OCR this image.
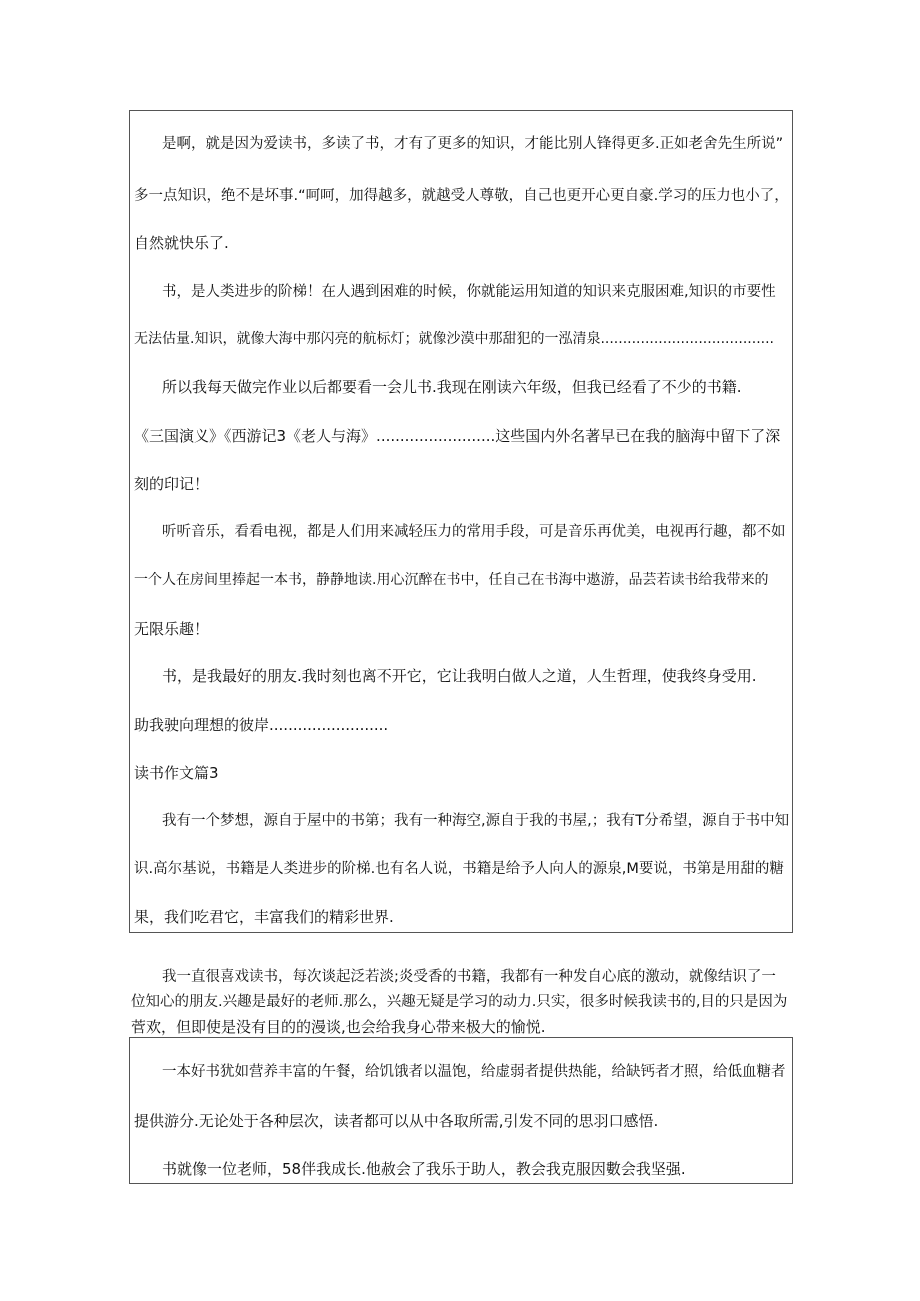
是啊，就是因为爱读书，多读了书，才有了更多的知识，才能比别人锋得更多.正如老舍先生所说”

多一点知识，绝不是坏事.“呵呵，加得越多，就越受人尊敬，自己也更开心更自豪.学习的压力也小了，

自然就快乐了.

书，是人类进步的阶梯！在人遇到困难的时候，你就能运用知道的知识来克服困难,知识的市要性

无法估量.知识，就像大海中那闪亮的航标灯；就像沙漠中那甜犯的一泓清泉.......................................

所以我每天做完作业以后都要看一会儿书.我现在刚读六年级，但我已经看了不少的书籍.

《三国演义》《西游记3《老人与海》.........................这些国内外名著早已在我的脑海中留下了深

刻的印记！

听听音乐，看看电视，都是人们用来减轻压力的常用手段，可是音乐再优美，电视再行趣，都不如

一个人在房间里捧起一本书，静静地读.用心沉醉在书中，任自己在书海中遨游，品芸若读书给我带来的

无限乐趣！

书，是我最好的朋友.我时刻也离不开它，它让我明白做人之道，人生哲理，使我终身受用.

助我驶向理想的彼岸.........................

读书作文篇3

我有一个梦想，源自于屋中的书第；我有一种海空,源自于我的书屋,；我有T分希望，源自于书中知

识.高尔基说，书籍是人类进步的阶梯.也有名人说，书籍是给予人向人的源泉,M要说，书第是用甜的糖

果，我们吃君它，丰富我们的精彩世界.

我一直很喜戏读书，每次谈起泛若淡;炎受香的书籍，我都有一种发自心底的激动，就像结识了一

位知心的朋友.兴趣是最好的老师.那么，兴趣无疑是学习的动力.只实，很多时候我读书的,目的只是因为

菅欢，但即使是没有目的的漫谈,也会给我身心带来极大的愉悦.

一本好书犹如营养丰富的午餐，给饥饿者以温饱，给虚弱者提供热能，给缺钙者才照，给低血糖者

提供游分.无论处于各种层次，读者都可以从中各取所需,引发不同的思羽口感悟.

书就像一位老师，58伴我成长.他赦会了我乐于助人，教会我克服因數会我坚强.
